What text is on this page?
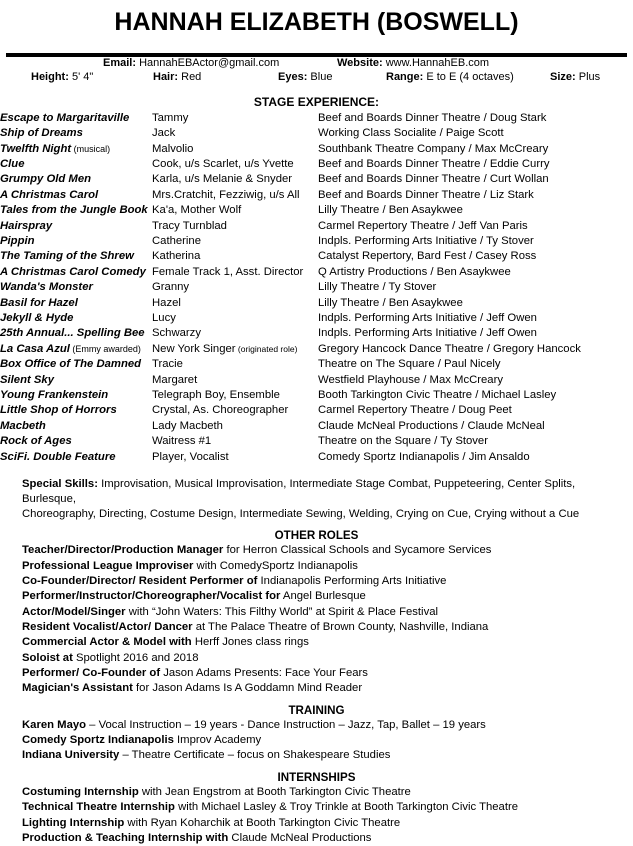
HANNAH ELIZABETH (BOSWELL)
Email: HannahEBActor@gmail.com	Website: www.HannahEB.com
Height: 5' 4"	Hair: Red	Eyes: Blue	Range: E to E (4 octaves)	Size: Plus
STAGE EXPERIENCE:
Escape to Margaritaville	Tammy	Beef and Boards Dinner Theatre / Doug Stark
Ship of Dreams	Jack	Working Class Socialite / Paige Scott
Twelfth Night (musical)	Malvolio	Southbank Theatre Company / Max McCreary
Clue	Cook, u/s Scarlet, u/s Yvette	Beef and Boards Dinner Theatre / Eddie Curry
Grumpy Old Men	Karla, u/s Melanie & Snyder	Beef and Boards Dinner Theatre / Curt Wollan
A Christmas Carol	Mrs.Cratchit, Fezziwig, u/s All	Beef and Boards Dinner Theatre / Liz Stark
Tales from the Jungle Book	Ka'a, Mother Wolf	Lilly Theatre / Ben Asaykwee
Hairspray	Tracy Turnblad	Carmel Repertory Theatre / Jeff Van Paris
Pippin	Catherine	Indpls. Performing Arts Initiative / Ty Stover
The Taming of the Shrew	Katherina	Catalyst Repertory, Bard Fest / Casey Ross
A Christmas Carol Comedy	Female Track 1, Asst. Director	Q Artistry Productions / Ben Asaykwee
Wanda's Monster	Granny	Lilly Theatre / Ty Stover
Basil for Hazel	Hazel	Lilly Theatre / Ben Asaykwee
Jekyll & Hyde	Lucy	Indpls. Performing Arts Initiative / Jeff Owen
25th Annual... Spelling Bee	Schwarzy	Indpls. Performing Arts Initiative / Jeff Owen
La Casa Azul (Emmy awarded)	New York Singer (originated role)	Gregory Hancock Dance Theatre / Gregory Hancock
Box Office of The Damned	Tracie	Theatre on The Square / Paul Nicely
Silent Sky	Margaret	Westfield Playhouse / Max McCreary
Young Frankenstein	Telegraph Boy, Ensemble	Booth Tarkington Civic Theatre / Michael Lasley
Little Shop of Horrors	Crystal, As. Choreographer	Carmel Repertory Theatre / Doug Peet
Macbeth	Lady Macbeth	Claude McNeal Productions / Claude McNeal
Rock of Ages	Waitress #1	Theatre on the Square / Ty Stover
SciFi. Double Feature	Player, Vocalist	Comedy Sportz Indianapolis / Jim Ansaldo
Special Skills: Improvisation, Musical Improvisation, Intermediate Stage Combat, Puppeteering, Center Splits, Burlesque,
Choreography, Directing, Costume Design, Intermediate Sewing, Welding, Crying on Cue, Crying without a Cue
OTHER ROLES
Teacher/Director/Production Manager for Herron Classical Schools and Sycamore Services
Professional League Improviser with ComedySportz Indianapolis
Co-Founder/Director/ Resident Performer of Indianapolis Performing Arts Initiative
Performer/Instructor/Choreographer/Vocalist for Angel Burlesque
Actor/Model/Singer with “John Waters: This Filthy World” at Spirit & Place Festival
Resident Vocalist/Actor/ Dancer at The Palace Theatre of Brown County, Nashville, Indiana
Commercial Actor & Model with Herff Jones class rings
Soloist at Spotlight 2016 and 2018
Performer/ Co-Founder of Jason Adams Presents: Face Your Fears
Magician's Assistant for Jason Adams Is A Goddamn Mind Reader
TRAINING
Karen Mayo – Vocal Instruction – 19 years - Dance Instruction – Jazz, Tap, Ballet – 19 years
Comedy Sportz Indianapolis Improv Academy
Indiana University – Theatre Certificate – focus on Shakespeare Studies
INTERNSHIPS
Costuming Internship with Jean Engstrom at Booth Tarkington Civic Theatre
Technical Theatre Internship with Michael Lasley & Troy Trinkle at Booth Tarkington Civic Theatre
Lighting Internship with Ryan Koharchik at Booth Tarkington Civic Theatre
Production & Teaching Internship with Claude McNeal Productions
